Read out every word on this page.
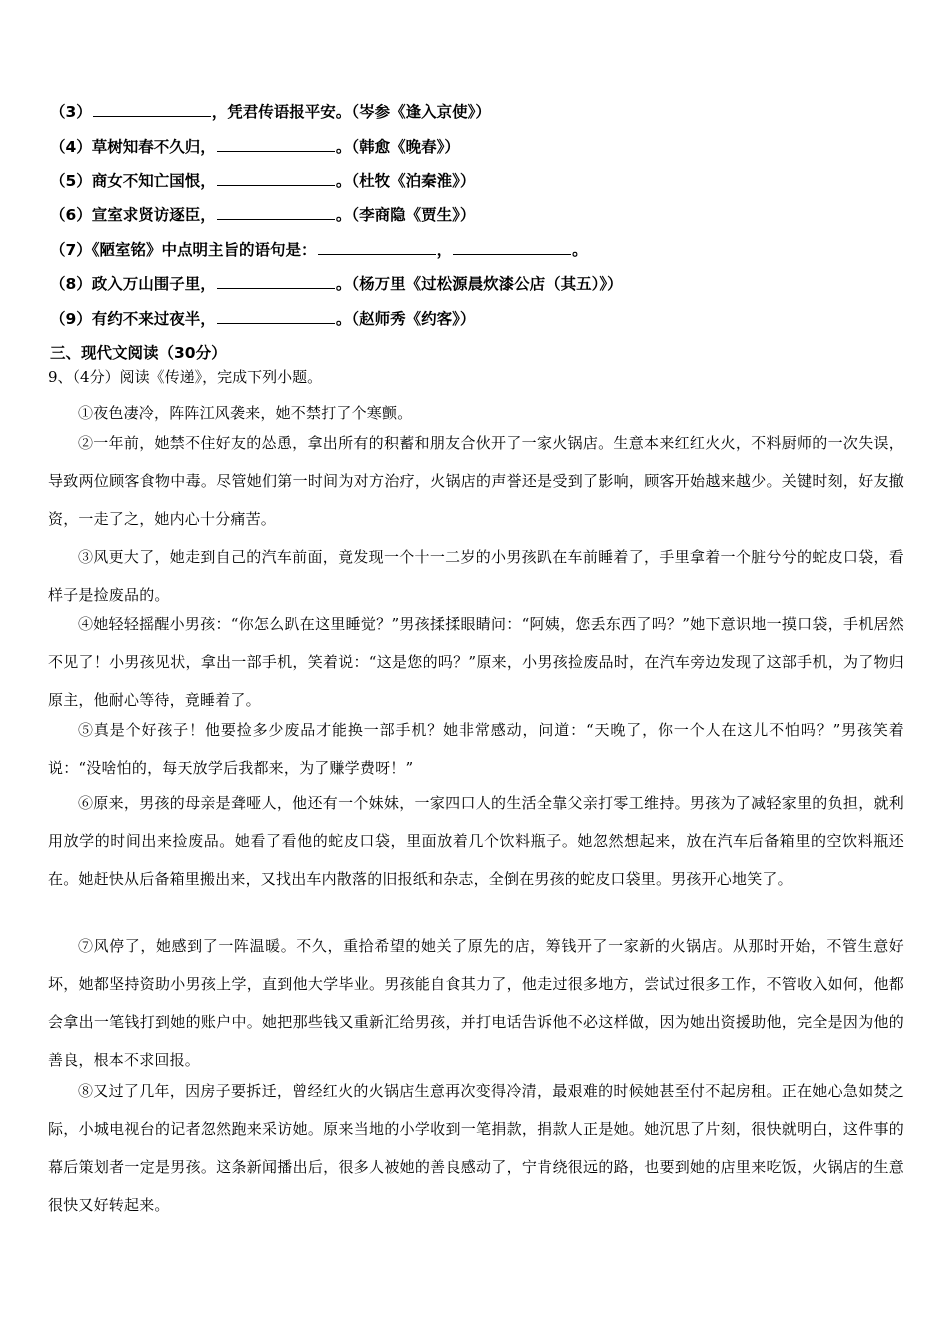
（3）	，凭君传语报平安。（岑参《逢入京使》）
（4）草树知春不久归，	。（韩愈《晚春》）
（5）商女不知亡国恨，	。（杜牧《泊秦淮》）
（6）宣室求贤访逐臣，	。（李商隐《贾生》）
（7）《陋室铭》中点明主旨的语句是：	，	。
（8）政入万山围子里，	。（杨万里《过松源晨炊漆公店（其五）》）
（9）有约不来过夜半，	。（赵师秀《约客》）
三、现代文阅读（30分）
9、（4分）阅读《传递》，完成下列小题。

①夜色凄冷，阵阵江风袭来，她不禁打了个寒颤。

②一年前，她禁不住好友的怂恿，拿出所有的积蓄和朋友合伙开了一家火锅店。生意本来红红火火，不料厨师的一次失误，导致两位顾客食物中毒。尽管她们第一时间为对方治疗，火锅店的声誉还是受到了影响，顾客开始越来越少。关键时刻，好友撤资，一走了之，她内心十分痛苦。

③风更大了，她走到自己的汽车前面，竟发现一个十一二岁的小男孩趴在车前睡着了，手里拿着一个脏兮兮的蛇皮口袋，看样子是捡废品的。

④她轻轻摇醒小男孩：“你怎么趴在这里睡觉？”男孩揉揉眼睛问：“阿姨，您丢东西了吗？”她下意识地一摸口袋，手机居然不见了！小男孩见状，拿出一部手机，笑着说：“这是您的吗？”原来，小男孩捡废品时，在汽车旁边发现了这部手机，为了物归原主，他耐心等待，竟睡着了。

⑤真是个好孩子！他要捡多少废品才能换一部手机？她非常感动，问道：“天晚了，你一个人在这儿不怕吗？”男孩笑着说：“没啥怕的，每天放学后我都来，为了赚学费呀！”

⑥原来，男孩的母亲是聋哑人，他还有一个妹妹，一家四口人的生活全靠父亲打零工维持。男孩为了减轻家里的负担，就利用放学的时间出来捡废品。她看了看他的蛇皮口袋，里面放着几个饮料瓶子。她忽然想起来，放在汽车后备箱里的空饮料瓶还在。她赶快从后备箱里搬出来，又找出车内散落的旧报纸和杂志，全倒在男孩的蛇皮口袋里。男孩开心地笑了。

⑦风停了，她感到了一阵温暖。不久，重拾希望的她关了原先的店，筹钱开了一家新的火锅店。从那时开始，不管生意好坏，她都坚持资助小男孩上学，直到他大学毕业。男孩能自食其力了，他走过很多地方，尝试过很多工作，不管收入如何，他都会拿出一笔钱打到她的账户中。她把那些钱又重新汇给男孩，并打电话告诉他不必这样做，因为她出资援助他，完全是因为他的善良，根本不求回报。

⑧又过了几年，因房子要拆迁，曾经红火的火锅店生意再次变得冷清，最艰难的时候她甚至付不起房租。正在她心急如焚之际，小城电视台的记者忽然跑来采访她。原来当地的小学收到一笔捐款，捐款人正是她。她沉思了片刻，很快就明白，这件事的幕后策划者一定是男孩。这条新闻播出后，很多人被她的善良感动了，宁肯绕很远的路，也要到她的店里来吃饭，火锅店的生意很快又好转起来。
